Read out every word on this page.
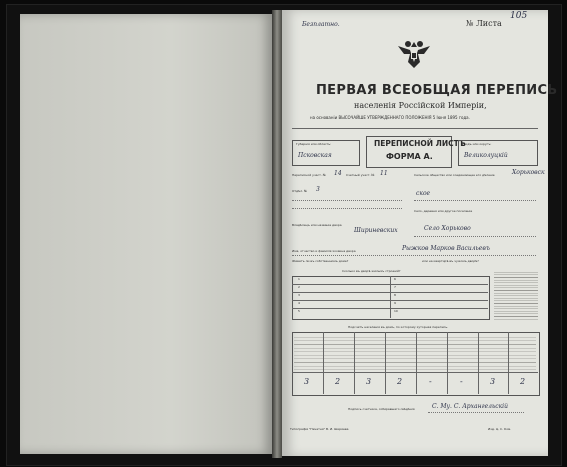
Безплатно.	№ Листа
105
ПЕРВАЯ ВСЕОБЩАЯ ПЕРЕПИСЬ
населенія Россійской Имперіи,
на основаніи ВЫСОЧАЙШЕ УТВЕРЖДЕННАГО ПОЛОЖЕНІЯ 5 Іюня 1895 года.
Губернія или область:
Псковская
ПЕРЕПИСНОЙ ЛИСТЪ
ФОРМА А.
Уѣздъ или округъ:
Великолуцкій
Переписной участ. № 14 Счетный участ. № 11
Отдѣл. № 3
Владѣлецъ или названіе двора
Шириневских
Сельское общество или соединяющее его дѣленіе	Хорьковск
ское
Село, деревня или другое поселеніе
Село Хорьково
Имя, отчество и фамилія хозяина двора	Рыжков Марков Васильевъ
Живетъ ли въ собственномъ доме?	или на квартирѣ въ чужомъ дворѣ?
Сколько въ дворѣ жилыхъ строеній?
1
2
3
4
5
6
7
8
9
10
Подсчетъ населенія въ домъ, по которому хуторная перепись.
3	2	3	2	-	-	3	2
Подпись счетчика, собиравшаго свѣдѣнія	С. Му. С. Архангельскій
Типографія "Печатня" В. И. Ширяева	Изд. Ц. С. Ком.
